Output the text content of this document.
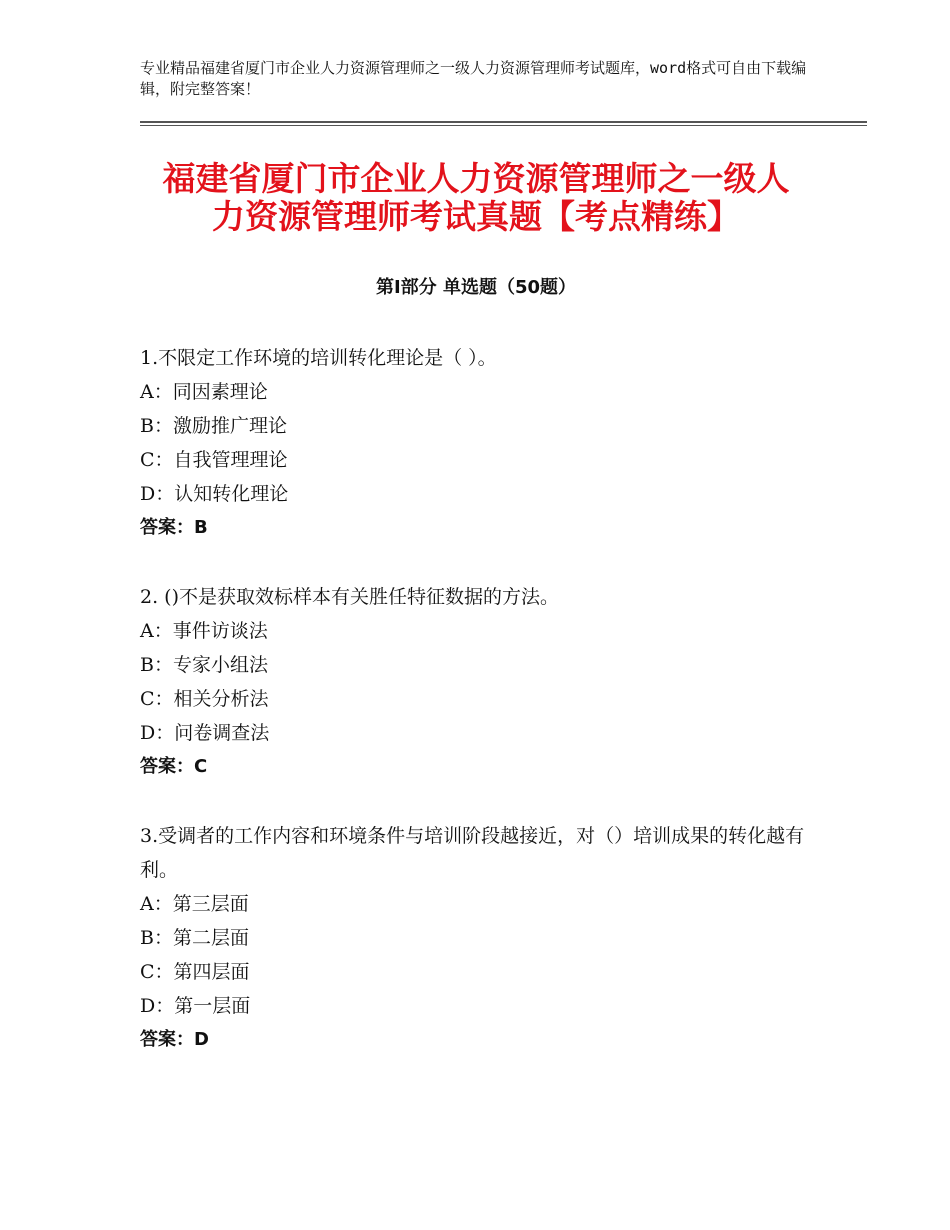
专业精品福建省厦门市企业人力资源管理师之一级人力资源管理师考试题库，word格式可自由下载编辑，附完整答案！
福建省厦门市企业人力资源管理师之一级人
力资源管理师考试真题【考点精练】
第Ⅰ部分 单选题（50题）
1.不限定工作环境的培训转化理论是（ ）。
A：同因素理论
B：激励推广理论
C：自我管理理论
D：认知转化理论
答案：B
2. ()不是获取效标样本有关胜任特征数据的方法。
A：事件访谈法
B：专家小组法
C：相关分析法
D：问卷调查法
答案：C
3.受调者的工作内容和环境条件与培训阶段越接近，对（）培训成果的转化越有利。
A：第三层面
B：第二层面
C：第四层面
D：第一层面
答案：D
